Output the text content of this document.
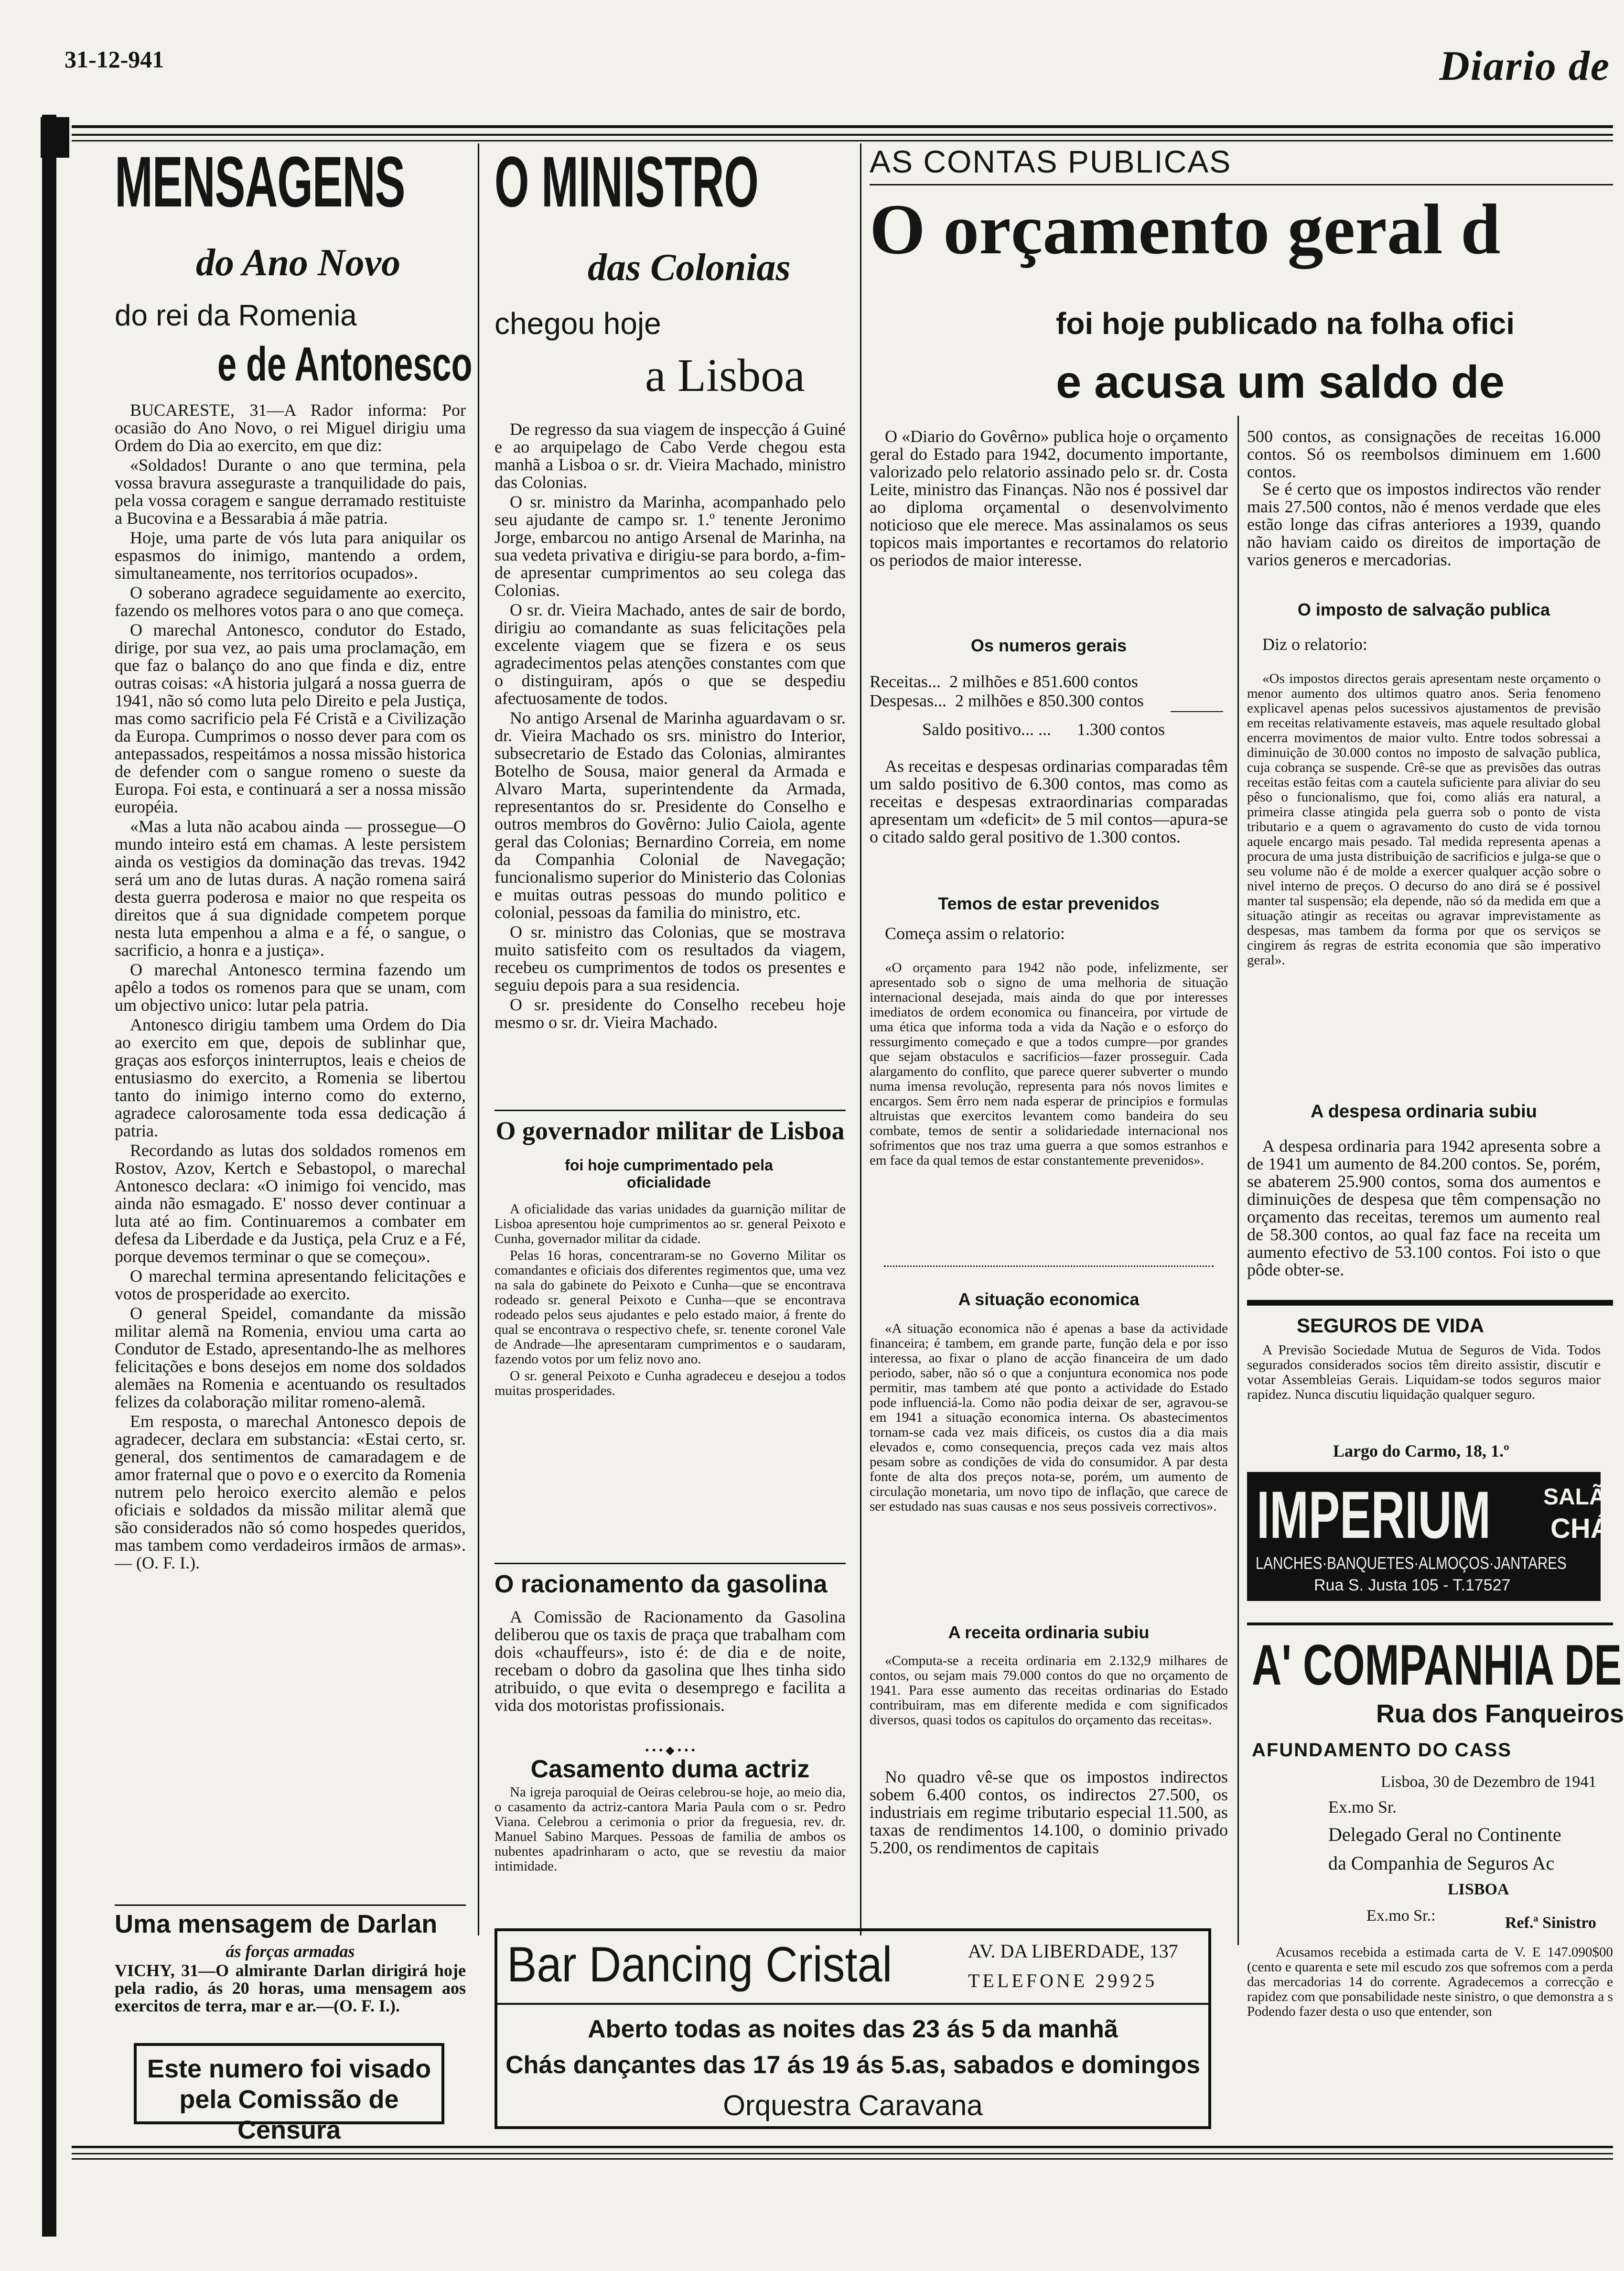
31-12-941	Diario de
MENSAGENS
do Ano Novo
do rei da Romenia
e de Antonesco

BUCARESTE, 31—A Rador informa: Por ocasião do Ano Novo, o rei Miguel dirigiu uma Ordem do Dia ao exercito, em que diz:

«Soldados! Durante o ano que termina, pela vossa bravura asseguraste a tranquilidade do pais, pela vossa coragem e sangue derramado restituiste a Bucovina e a Bessarabia á mãe patria.

Hoje, uma parte de vós luta para aniquilar os espasmos do inimigo, mantendo a ordem, simultaneamente, nos territorios ocupados».

O soberano agradece seguidamente ao exercito, fazendo os melhores votos para o ano que começa.

O marechal Antonesco, condutor do Estado, dirige, por sua vez, ao pais uma proclamação, em que faz o balanço do ano que finda e diz, entre outras coisas: «A historia julgará a nossa guerra de 1941, não só como luta pelo Direito e pela Justiça, mas como sacrificio pela Fé Cristã e a Civilização da Europa. Cumprimos o nosso dever para com os antepassados, respeitámos a nossa missão historica de defender com o sangue romeno o sueste da Europa. Foi esta, e continuará a ser a nossa missão européia.

«Mas a luta não acabou ainda — prossegue—O mundo inteiro está em chamas. A leste persistem ainda os vestigios da dominação das trevas. 1942 será um ano de lutas duras. A nação romena sairá desta guerra poderosa e maior no que respeita os direitos que á sua dignidade competem porque nesta luta empenhou a alma e a fé, o sangue, o sacrificio, a honra e a justiça».

O marechal Antonesco termina fazendo um apêlo a todos os romenos para que se unam, com um objectivo unico: lutar pela patria.

Antonesco dirigiu tambem uma Ordem do Dia ao exercito em que, depois de sublinhar que, graças aos esforços ininterruptos, leais e cheios de entusiasmo do exercito, a Romenia se libertou tanto do inimigo interno como do externo, agradece calorosamente toda essa dedicação á patria.

Recordando as lutas dos soldados romenos em Rostov, Azov, Kertch e Sebastopol, o marechal Antonesco declara: «O inimigo foi vencido, mas ainda não esmagado. E' nosso dever continuar a luta até ao fim. Continuaremos a combater em defesa da Liberdade e da Justiça, pela Cruz e a Fé, porque devemos terminar o que se começou».

O marechal termina apresentando felicitações e votos de prosperidade ao exercito.

O general Speidel, comandante da missão militar alemã na Romenia, enviou uma carta ao Condutor de Estado, apresentando-lhe as melhores felicitações e bons desejos em nome dos soldados alemães na Romenia e acentuando os resultados felizes da colaboração militar romeno-alemã.

Em resposta, o marechal Antonesco depois de agradecer, declara em substancia: «Estai certo, sr. general, dos sentimentos de camaradagem e de amor fraternal que o povo e o exercito da Romenia nutrem pelo heroico exercito alemão e pelos oficiais e soldados da missão militar alemã que são considerados não só como hospedes queridos, mas tambem como verdadeiros irmãos de armas». — (O. F. I.).

Uma mensagem de Darlan
ás forças armadas
VICHY, 31—O almirante Darlan dirigirá hoje pela radio, ás 20 horas, uma mensagem aos exercitos de terra, mar e ar.—(O. F. I.).
Este numero foi visado
pela Comissão de Censura
O MINISTRO
das Colonias
chegou hoje
a Lisboa

De regresso da sua viagem de inspecção á Guiné e ao arquipelago de Cabo Verde chegou esta manhã a Lisboa o sr. dr. Vieira Machado, ministro das Colonias.

O sr. ministro da Marinha, acompanhado pelo seu ajudante de campo sr. 1.º tenente Jeronimo Jorge, embarcou no antigo Arsenal de Marinha, na sua vedeta privativa e dirigiu-se para bordo, a-fim-de apresentar cumprimentos ao seu colega das Colonias.

O sr. dr. Vieira Machado, antes de sair de bordo, dirigiu ao comandante as suas felicitações pela excelente viagem que se fizera e os seus agradecimentos pelas atenções constantes com que o distinguiram, após o que se despediu afectuosamente de todos.

No antigo Arsenal de Marinha aguardavam o sr. dr. Vieira Machado os srs. ministro do Interior, subsecretario de Estado das Colonias, almirantes Botelho de Sousa, maior general da Armada e Alvaro Marta, superintendente da Armada, representantos do sr. Presidente do Conselho e outros membros do Govêrno: Julio Caiola, agente geral das Colonias; Bernardino Correia, em nome da Companhia Colonial de Navegação; funcionalismo superior do Ministerio das Colonias e muitas outras pessoas do mundo politico e colonial, pessoas da familia do ministro, etc.

O sr. ministro das Colonias, que se mostrava muito satisfeito com os resultados da viagem, recebeu os cumprimentos de todos os presentes e seguiu depois para a sua residencia.

O sr. presidente do Conselho recebeu hoje mesmo o sr. dr. Vieira Machado.

O governador militar de Lisboa
foi hoje cumprimentado pela oficialidade

A oficialidade das varias unidades da guarnição militar de Lisboa apresentou hoje cumprimentos ao sr. general Peixoto e Cunha, governador militar da cidade.

Pelas 16 horas, concentraram-se no Governo Militar os comandantes e oficiais dos diferentes regimentos que, uma vez na sala do gabinete do Peixoto e Cunha—que se encontrava rodeado sr. general Peixoto e Cunha—que se encontrava rodeado pelos seus ajudantes e pelo estado maior, á frente do qual se encontrava o respectivo chefe, sr. tenente coronel Vale de Andrade—lhe apresentaram cumprimentos e o saudaram, fazendo votos por um feliz novo ano.

O sr. general Peixoto e Cunha agradeceu e desejou a todos muitas prosperidades.

O racionamento da gasolina
A Comissão de Racionamento da Gasolina deliberou que os taxis de praça que trabalham com dois «chauffeurs», isto é: de dia e de noite, recebam o dobro da gasolina que lhes tinha sido atribuido, o que evita o desemprego e facilita a vida dos motoristas profissionais.
• • • ◆ • • •
Casamento duma actriz
Na igreja paroquial de Oeiras celebrou-se hoje, ao meio dia, o casamento da actriz-cantora Maria Paula com o sr. Pedro Viana. Celebrou a cerimonia o prior da freguesia, rev. dr. Manuel Sabino Marques. Pessoas de familia de ambos os nubentes apadrinharam o acto, que se revestiu da maior intimidade.
AS CONTAS PUBLICAS
O orçamento geral d
foi hoje publicado na folha ofici
e acusa um saldo de
O «Diario do Govêrno» publica hoje o orçamento geral do Estado para 1942, documento importante, valorizado pelo relatorio assinado pelo sr. dr. Costa Leite, ministro das Finanças. Não nos é possivel dar ao diploma orçamental o desenvolvimento noticioso que ele merece. Mas assinalamos os seus topicos mais importantes e recortamos do relatorio os periodos de maior interesse.
Os numeros gerais
Receitas...  2 milhões e 851.600 contos
Despesas...  2 milhões e 850.300 contos
Saldo positivo... ...      1.300 contos
As receitas e despesas ordinarias comparadas têm um saldo positivo de 6.300 contos, mas como as receitas e despesas extraordinarias comparadas apresentam um «deficit» de 5 mil contos—apura-se o citado saldo geral positivo de 1.300 contos.
Temos de estar prevenidos
Começa assim o relatorio:
«O orçamento para 1942 não pode, infelizmente, ser apresentado sob o signo de uma melhoria de situação internacional desejada, mais ainda do que por interesses imediatos de ordem economica ou financeira, por virtude de uma ética que informa toda a vida da Nação e o esforço do ressurgimento começado e que a todos cumpre—por grandes que sejam obstaculos e sacrificios—fazer prosseguir. Cada alargamento do conflito, que parece querer subverter o mundo numa imensa revolução, representa para nós novos limites e encargos. Sem êrro nem nada esperar de principios e formulas altruistas que exercitos levantem como bandeira do seu combate, temos de sentir a solidariedade internacional nos sofrimentos que nos traz uma guerra a que somos estranhos e em face da qual temos de estar constantemente prevenidos».
A situação economica
«A situação economica não é apenas a base da actividade financeira; é tambem, em grande parte, função dela e por isso interessa, ao fixar o plano de acção financeira de um dado periodo, saber, não só o que a conjuntura economica nos pode permitir, mas tambem até que ponto a actividade do Estado pode influenciá-la. Como não podia deixar de ser, agravou-se em 1941 a situação economica interna. Os abastecimentos tornam-se cada vez mais dificeis, os custos dia a dia mais elevados e, como consequencia, preços cada vez mais altos pesam sobre as condições de vida do consumidor. A par desta fonte de alta dos preços nota-se, porém, um aumento de circulação monetaria, um novo tipo de inflação, que carece de ser estudado nas suas causas e nos seus possiveis correctivos».
A receita ordinaria subiu
«Computa-se a receita ordinaria em 2.132,9 milhares de contos, ou sejam mais 79.000 contos do que no orçamento de 1941. Para esse aumento das receitas ordinarias do Estado contribuiram, mas em diferente medida e com significados diversos, quasi todos os capitulos do orçamento das receitas».
No quadro vê-se que os impostos indirectos sobem 6.400 contos, os indirectos 27.500, os industriais em regime tributario especial 11.500, as taxas de rendimentos 14.100, o dominio privado 5.200, os rendimentos de capitais
500 contos, as consignações de receitas 16.000 contos. Só os reembolsos diminuem em 1.600 contos.
Se é certo que os impostos indirectos vão render mais 27.500 contos, não é menos verdade que eles estão longe das cifras anteriores a 1939, quando não haviam caido os direitos de importação de varios generos e mercadorias.
O imposto de salvação publica
Diz o relatorio:
«Os impostos directos gerais apresentam neste orçamento o menor aumento dos ultimos quatro anos. Seria fenomeno explicavel apenas pelos sucessivos ajustamentos de previsão em receitas relativamente estaveis, mas aquele resultado global encerra movimentos de maior vulto. Entre todos sobressai a diminuição de 30.000 contos no imposto de salvação publica, cuja cobrança se suspende. Crê-se que as previsões das outras receitas estão feitas com a cautela suficiente para aliviar do seu pêso o funcionalismo, que foi, como aliás era natural, a primeira classe atingida pela guerra sob o ponto de vista tributario e a quem o agravamento do custo de vida tornou aquele encargo mais pesado. Tal medida representa apenas a procura de uma justa distribuição de sacrificios e julga-se que o seu volume não é de molde a exercer qualquer acção sobre o nivel interno de preços. O decurso do ano dirá se é possivel manter tal suspensão; ela depende, não só da medida em que a situação atingir as receitas ou agravar imprevistamente as despesas, mas tambem da forma por que os serviços se cingirem ás regras de estrita economia que são imperativo geral».
A despesa ordinaria subiu
A despesa ordinaria para 1942 apresenta sobre a de 1941 um aumento de 84.200 contos. Se, porém, se abaterem 25.900 contos, soma dos aumentos e diminuições de despesa que têm compensação no orçamento das receitas, teremos um aumento real de 58.300 contos, ao qual faz face na receita um aumento efectivo de 53.100 contos. Foi isto o que pôde obter-se.
SEGUROS DE VIDA
A Previsão Sociedade Mutua de Seguros de Vida. Todos segurados considerados socios têm direito assistir, discutir e votar Assembleias Gerais. Liquidam-se todos seguros maior rapidez. Nunca discutiu liquidação qualquer seguro.
Largo do Carmo, 18, 1.º
IMPERIUM SALÃO
CHÁ
LANCHES·BANQUETES·ALMOÇOS·JANTARES
Rua S. Justa 105 - T.17527
A' COMPANHIA DE
Rua dos Fanqueiros
AFUNDAMENTO DO CASS
Lisboa, 30 de Dezembro de 1941
Ex.mo Sr.
Delegado Geral no Continente
da Companhia de Seguros Ac
LISBOA
Ex.mo Sr.:	Ref.ª Sinistro
Acusamos recebida a estimada carta de V. E 147.090$00 (cento e quarenta e sete mil escudo zos que sofremos com a perda das mercadorias 14 do corrente. Agradecemos a correcção e rapidez com que ponsabilidade neste sinistro, o que demonstra a s Podendo fazer desta o uso que entender, son
Bar Dancing Cristal	AV. DA LIBERDADE, 137
TELEFONE 29925
Aberto todas as noites das 23 ás 5 da manhã
Chás dançantes das 17 ás 19 ás 5.as, sabados e domingos
Orquestra Caravana
